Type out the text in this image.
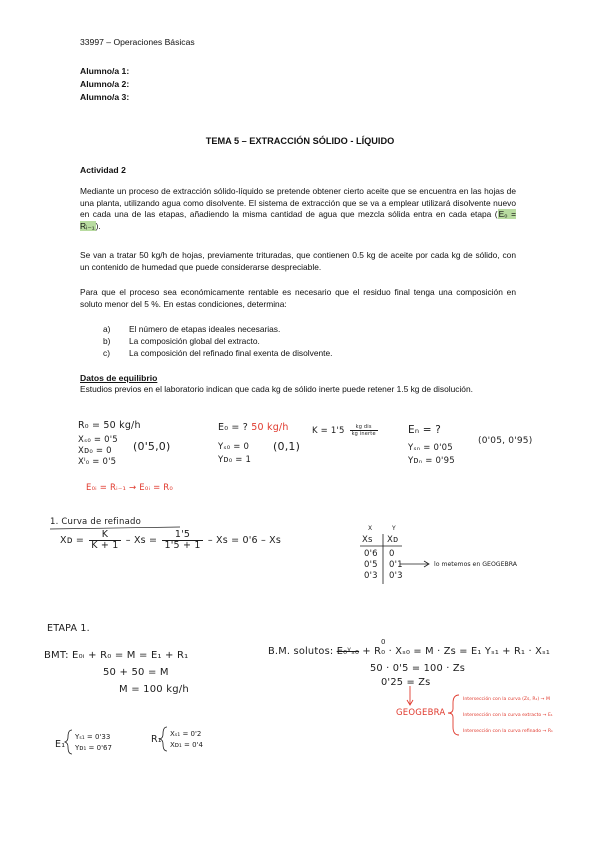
33997 – Operaciones Básicas
Alumno/a 1:
Alumno/a 2:
Alumno/a 3:
TEMA 5 – EXTRACCIÓN SÓLIDO - LÍQUIDO
Actividad 2
Mediante un proceso de extracción sólido-líquido se pretende obtener cierto aceite que se encuentra en las hojas de una planta, utilizando agua como disolvente. El sistema de extracción que se va a emplear utilizará disolvente nuevo en cada una de las etapas, añadiendo la misma cantidad de agua que mezcla sólida entra en cada etapa (E₀ = Rᵢ₋₁).
Se van a tratar 50 kg/h de hojas, previamente trituradas, que contienen 0.5 kg de aceite por cada kg de sólido, con un contenido de humedad que puede considerarse despreciable.
Para que el proceso sea económicamente rentable es necesario que el residuo final tenga una composición en soluto menor del 5 %. En estas condiciones, determina:
a) El número de etapas ideales necesarias.
b) La composición global del extracto.
c) La composición del refinado final exenta de disolvente.
Datos de equilibrio
Estudios previos en el laboratorio indican que cada kg de sólido inerte puede retener 1.5 kg de disolución.
R₀ = 50 kg/h
Xₛ₀ = 0'5
Xᴅ₀ = 0
Xᴵ₀ = 0'5
(0'5,0)
E₀ = ? 50 kg/h
Yₛ₀ = 0
Yᴅ₀ = 1
(0,1)
$K = 1'5 \frac{\text{kg dis}}{\text{kg inerte}}$	Eₙ = ?
Yₛₙ = 0'05
Yᴅₙ = 0'95
(0'05, 0'95)
E₀ᵢ = Rᵢ₋₁ → E₀ᵢ = R₀
1. Curva de refinado
Xᴅ = $\frac{K}{K + 1} - Xs = \frac{1'5}{1'5 + 1} - Xs = 0'6 - Xs$
X	Y
Xs Xᴅ
0'6 0
0'5 0'1
0'3 0'3
lo metemos en GEOGEBRA
ETAPA 1.
BMT: E₀ᵢ + R₀ = M = E₁ + R₁
50 + 50 = M
M = 100 kg/h
E₁
Yₛ₁ = 0'33
Yᴅ₁ = 0'67
R₁ Xₛ₁ = 0'2
Xᴅ₁ = 0'4
B.M. solutos: E₀ʸₛ₀ + R₀ · Xₛ₀ = M · Zs = E₁ Yₛ₁ + R₁ · Xₛ₁
0
50 · 0'5 = 100 · Zs
0'25 = Zs
GEOGEBRA
Intersección con la curva (Zs, R₁) → M
Intersección con la curva extracto → E₁
Intersección con la curva refinado → R₁
